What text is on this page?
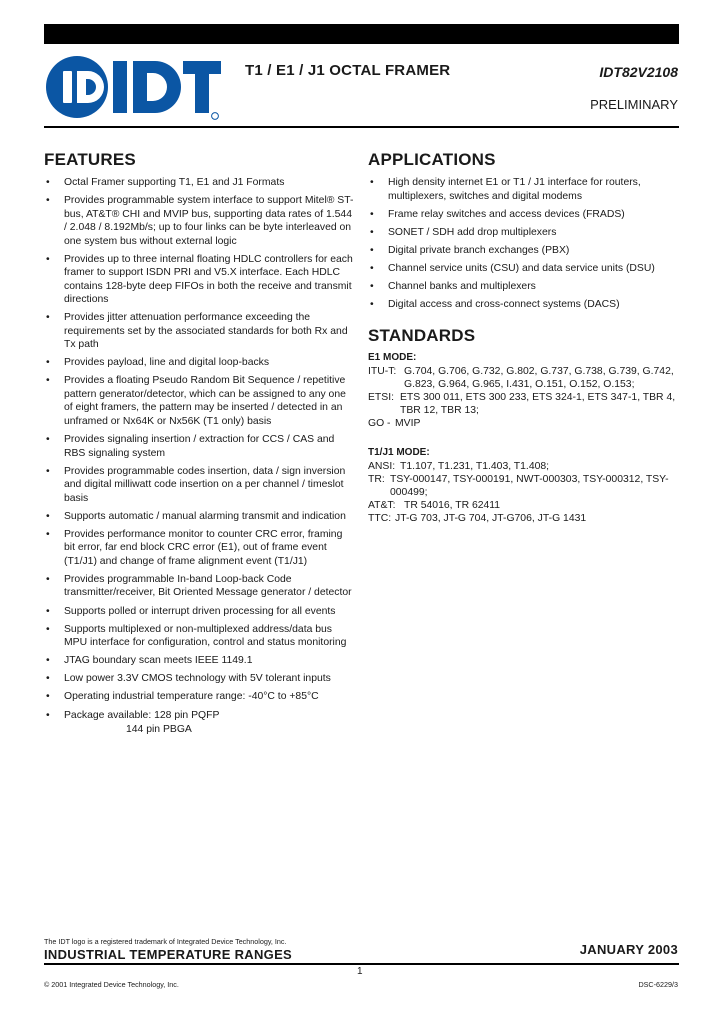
T1 / E1 / J1 OCTAL FRAMER	IDT82V2108
PRELIMINARY
FEATURES
• Octal Framer supporting T1, E1 and J1 Formats
• Provides programmable system interface to support Mitel® ST-bus, AT&T® CHI and MVIP bus, supporting data rates of 1.544 / 2.048 / 8.192Mb/s; up to four links can be byte interleaved on one system bus without external logic
• Provides up to three internal floating HDLC controllers for each framer to support ISDN PRI and V5.X interface. Each HDLC contains 128-byte deep FIFOs in both the receive and transmit directions
• Provides jitter attenuation performance exceeding the requirements set by the associated standards for both Rx and Tx path
• Provides payload, line and digital loop-backs
• Provides a floating Pseudo Random Bit Sequence / repetitive pattern generator/detector, which can be assigned to any one of eight framers, the pattern may be inserted / detected in an unframed or Nx64K or Nx56K (T1 only) basis
• Provides signaling insertion / extraction for CCS / CAS and RBS signaling system
• Provides programmable codes insertion, data / sign inversion and digital milliwatt code insertion on a per channel / timeslot basis
• Supports automatic / manual alarming transmit and indication
• Provides performance monitor to counter CRC error, framing bit error, far end block CRC error (E1), out of frame event (T1/J1) and change of frame alignment event (T1/J1)
• Provides programmable In-band Loop-back Code transmitter/receiver, Bit Oriented Message generator / detector
• Supports polled or interrupt driven processing for all events
• Supports multiplexed or non-multiplexed address/data bus MPU interface for configuration, control and status monitoring
• JTAG boundary scan meets IEEE 1149.1
• Low power 3.3V CMOS technology with 5V tolerant inputs
• Operating industrial temperature range: -40°C to +85°C
• Package available: 128 pin PQFP
144 pin PBGA
APPLICATIONS
• High density internet E1 or T1 / J1 interface for routers, multiplexers, switches and digital modems
• Frame relay switches and access devices (FRADS)
• SONET / SDH add drop multiplexers
• Digital private branch exchanges (PBX)
• Channel service units (CSU) and data service units (DSU)
• Channel banks and multiplexers
• Digital access and cross-connect systems (DACS)
STANDARDS
E1 MODE:
ITU-T: G.704, G.706, G.732, G.802, G.737, G.738, G.739, G.742, G.823, G.964, G.965, I.431, O.151, O.152, O.153;
ETSI: ETS 300 011, ETS 300 233, ETS 324-1, ETS 347-1, TBR 4, TBR 12, TBR 13;
GO - MVIP
T1/J1 MODE:
ANSI: T1.107, T1.231, T1.403, T1.408;
TR: TSY-000147, TSY-000191, NWT-000303, TSY-000312, TSY-000499;
AT&T: TR 54016, TR 62411
TTC: JT-G 703, JT-G 704, JT-G706, JT-G 1431
The IDT logo is a registered trademark of Integrated Device Technology, Inc.
INDUSTRIAL TEMPERATURE RANGES	JANUARY 2003
1
© 2001 Integrated Device Technology, Inc.	DSC-6229/3
